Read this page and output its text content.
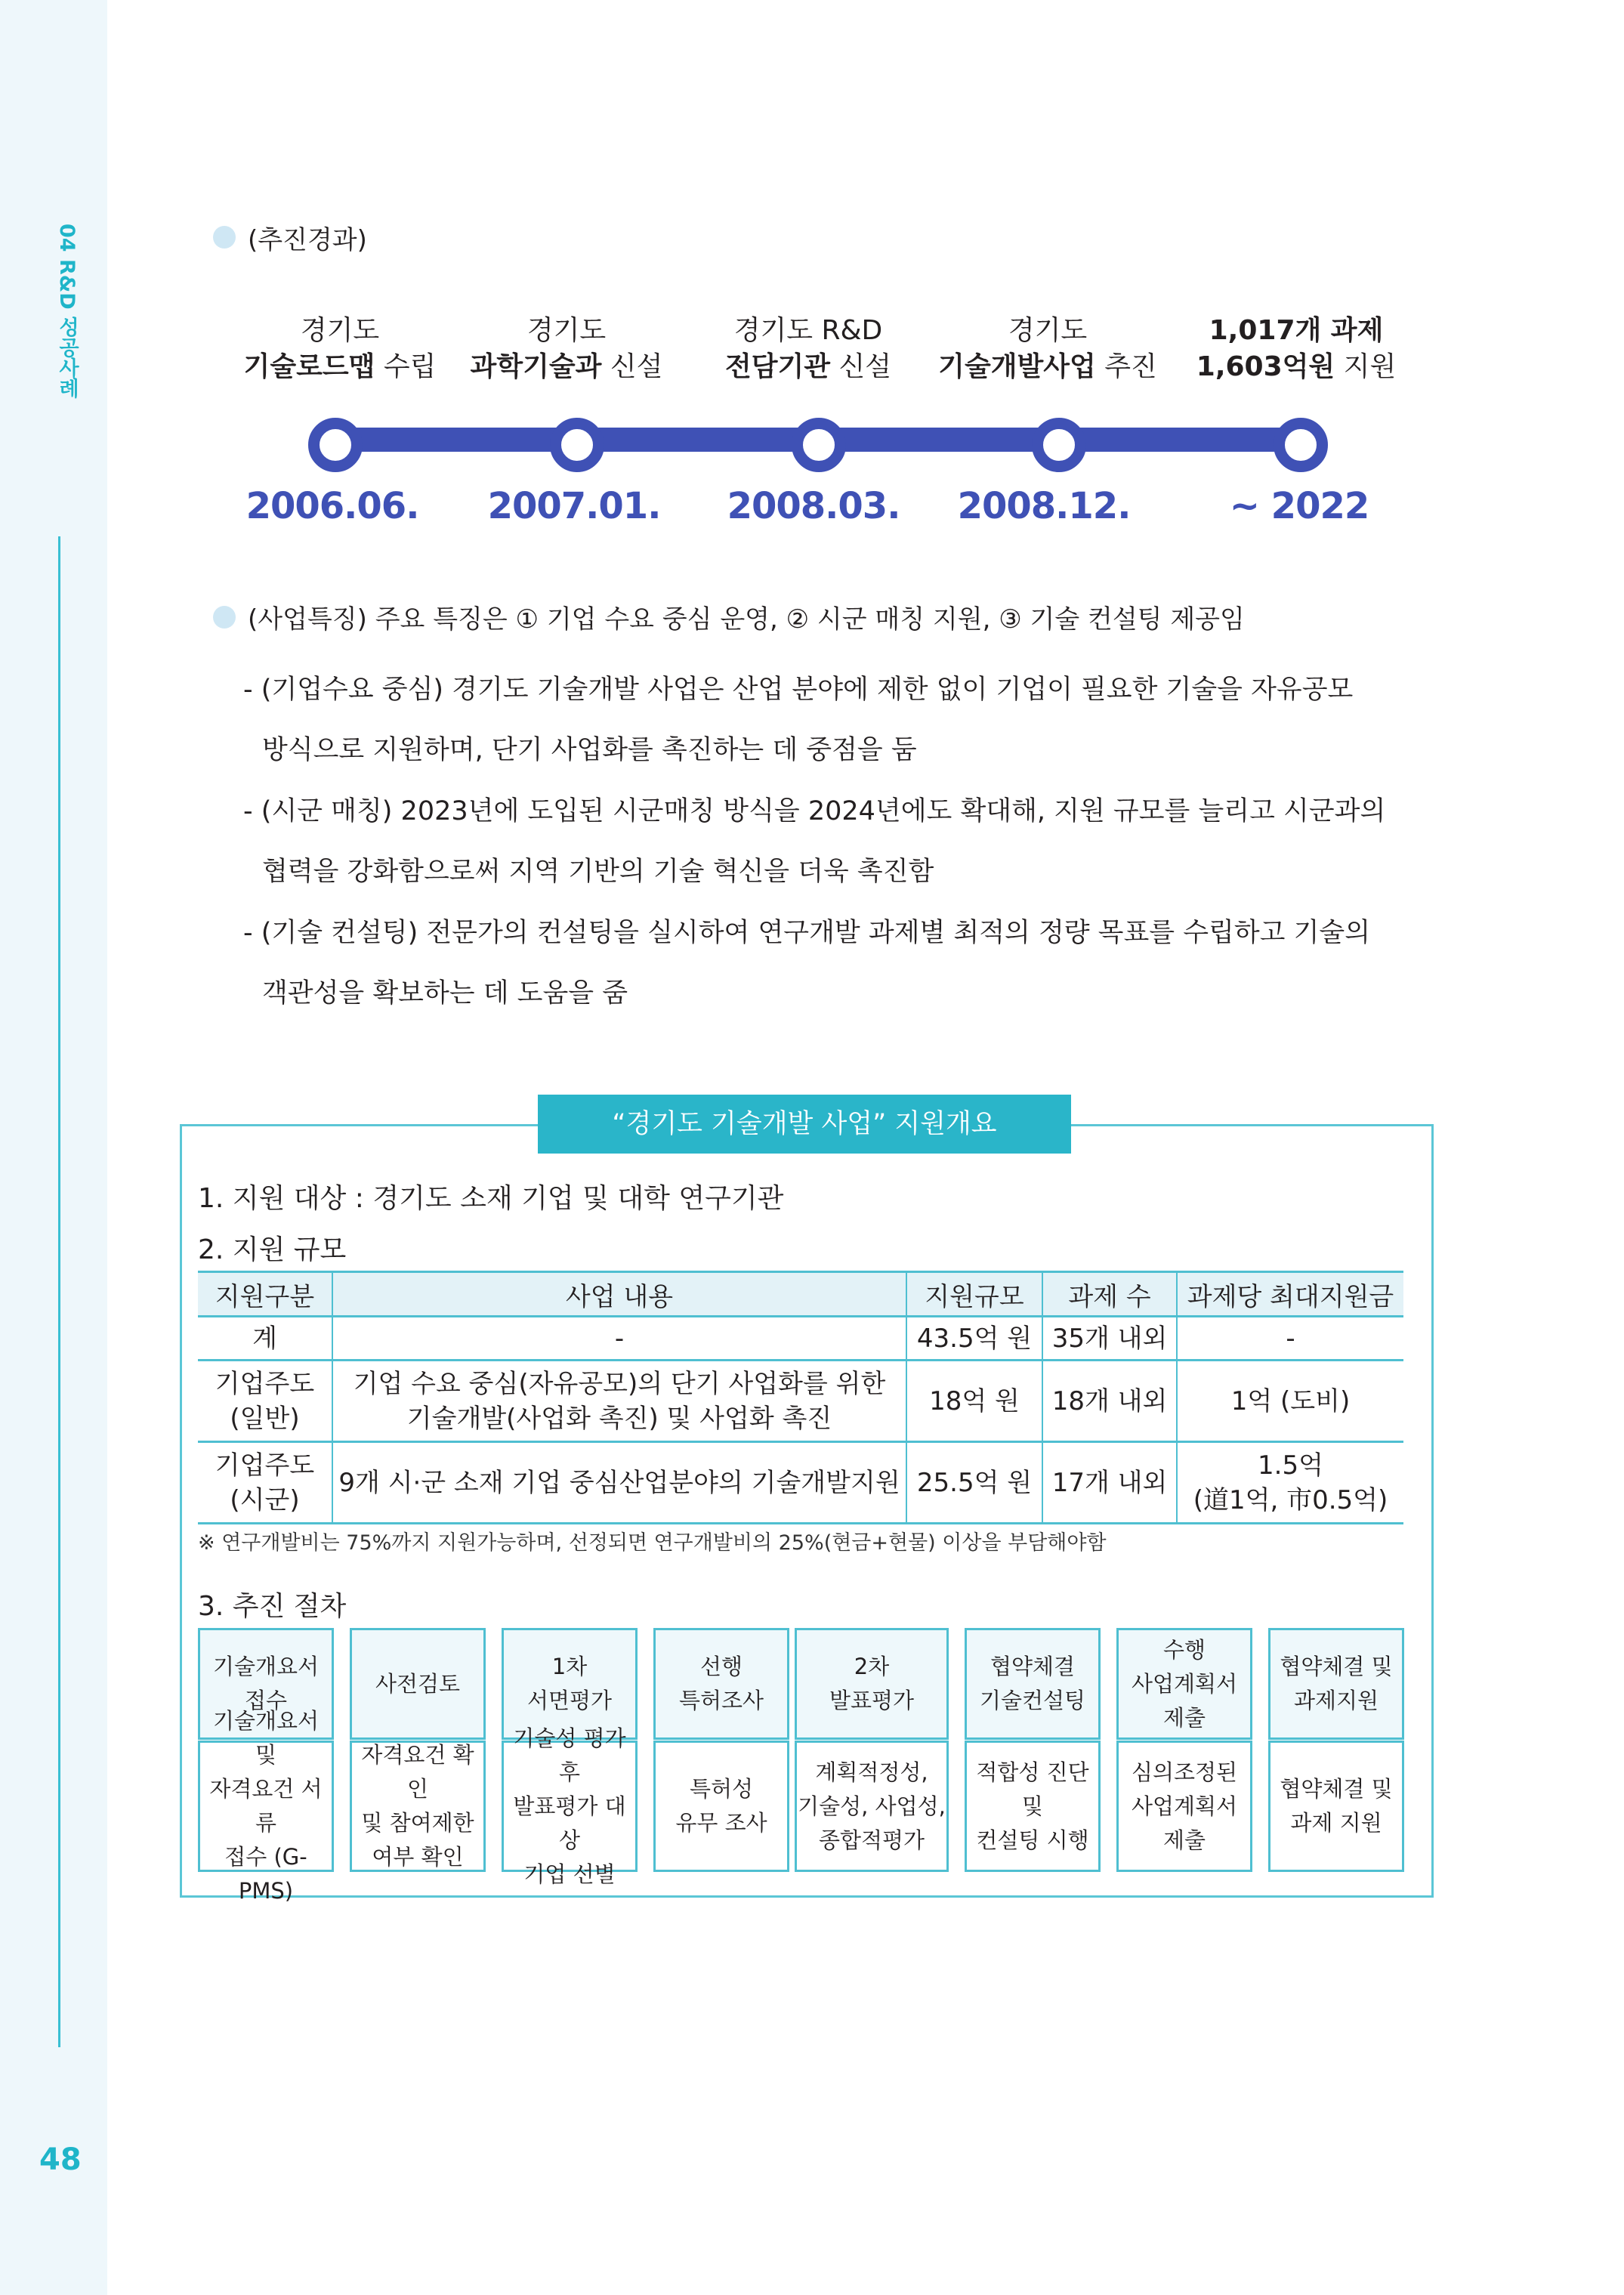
04 R&D 성공사례
48
(추진경과)
경기도
기술로드맵 수립
경기도
과학기술과 신설
경기도 R&D
전담기관 신설
경기도
기술개발사업 추진
1,017개 과제
1,603억원 지원
2006.06.	2007.01.	2008.03.	2008.12.	~ 2022
(사업특징) 주요 특징은 ① 기업 수요 중심 운영, ② 시군 매칭 지원, ③ 기술 컨설팅 제공임
- (기업수요 중심) 경기도 기술개발 사업은 산업 분야에 제한 없이 기업이 필요한 기술을 자유공모
방식으로 지원하며, 단기 사업화를 촉진하는 데 중점을 둠
- (시군 매칭) 2023년에 도입된 시군매칭 방식을 2024년에도 확대해, 지원 규모를 늘리고 시군과의
협력을 강화함으로써 지역 기반의 기술 혁신을 더욱 촉진함
- (기술 컨설팅) 전문가의 컨설팅을 실시하여 연구개발 과제별 최적의 정량 목표를 수립하고 기술의
객관성을 확보하는 데 도움을 줌
“경기도 기술개발 사업” 지원개요
1. 지원 대상 : 경기도 소재 기업 및 대학 연구기관
2. 지원 규모
지원구분	사업 내용	지원규모	과제 수	과제당 최대지원금
계	-	43.5억 원	35개 내외	-
기업주도
(일반)	기업 수요 중심(자유공모)의 단기 사업화를 위한
기술개발(사업화 촉진) 및 사업화 촉진	18억 원	18개 내외	1억 (도비)
기업주도
(시군)	9개 시·군 소재 기업 중심산업분야의 기술개발지원	25.5억 원	17개 내외	1.5억
(道1억, 市0.5억)
※ 연구개발비는 75%까지 지원가능하며, 선정되면 연구개발비의 25%(현금+현물) 이상을 부담해야함
3. 추진 절차
기술개요서
접수
사전검토
1차
서면평가
선행
특허조사
2차
발표평가
협약체결
기술컨설팅
수행
사업계획서
제출
협약체결 및
과제지원
기술개요서 및
자격요건 서류
접수 (G-PMS)
자격요건 확인
및 참여제한
여부 확인
기술성 평가 후
발표평가 대상
기업 선별
특허성
유무 조사
계획적정성,
기술성, 사업성,
종합적평가
적합성 진단 및
컨설팅 시행
심의조정된
사업계획서
제출
협약체결 및
과제 지원
